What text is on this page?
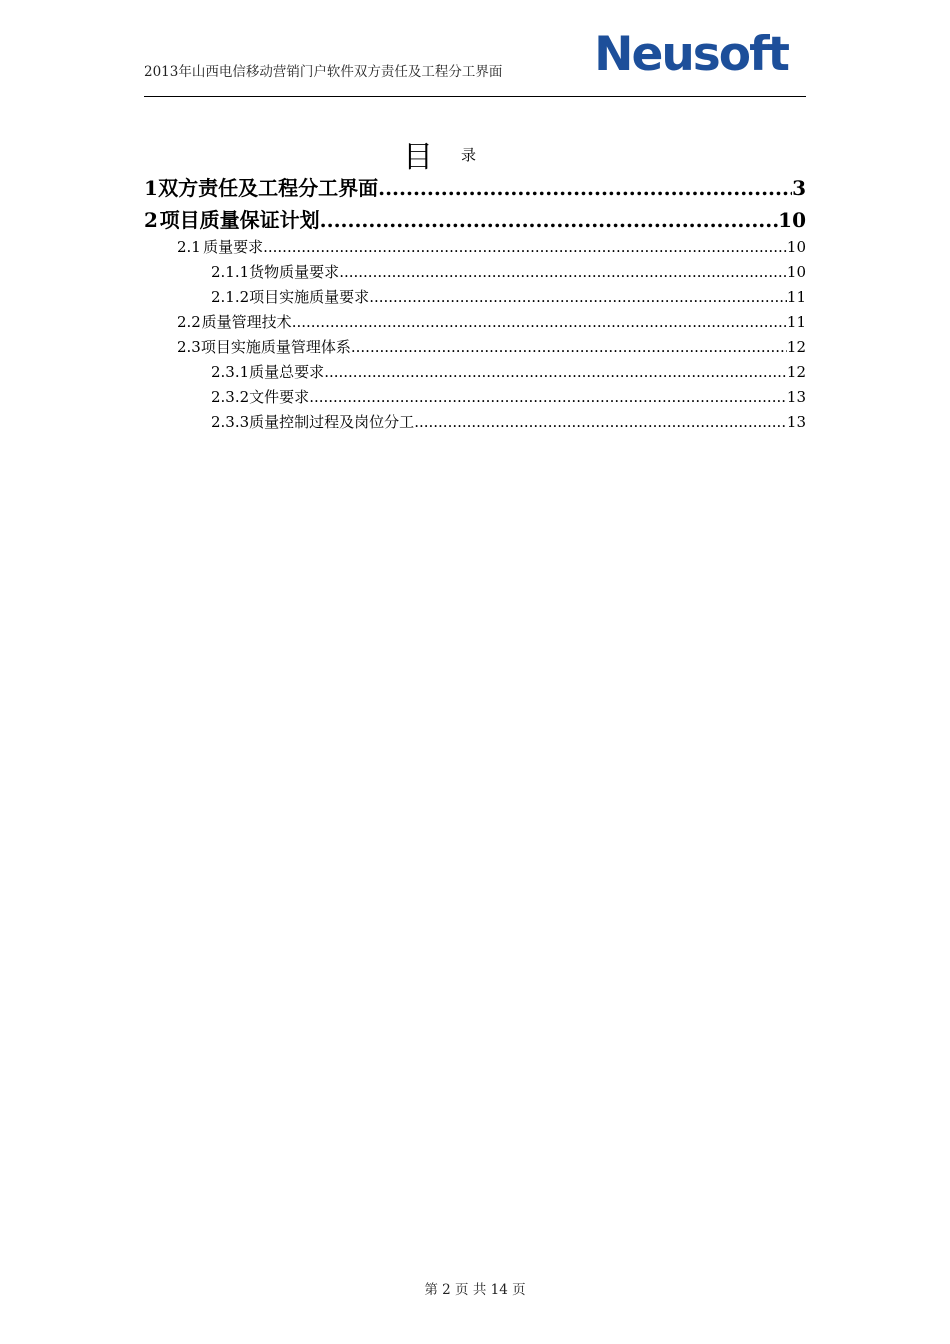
2013年山西电信移动营销门户软件双方责任及工程分工界面 Neusoft
目 录
1 双方责任及工程分工界面 .....	3
2 项目质量保证计划 .....	10
2.1 质量要求 .....	10
2.1.1 货物质量要求 .....	10
2.1.2 项目实施质量要求 .....	11
2.2 质量管理技术 .....	11
2.3 项目实施质量管理体系 .....	12
2.3.1 质量总要求 .....	12
2.3.2 文件要求 .....	13
2.3.3 质量控制过程及岗位分工 .....	13
第 2 页 共 14 页
